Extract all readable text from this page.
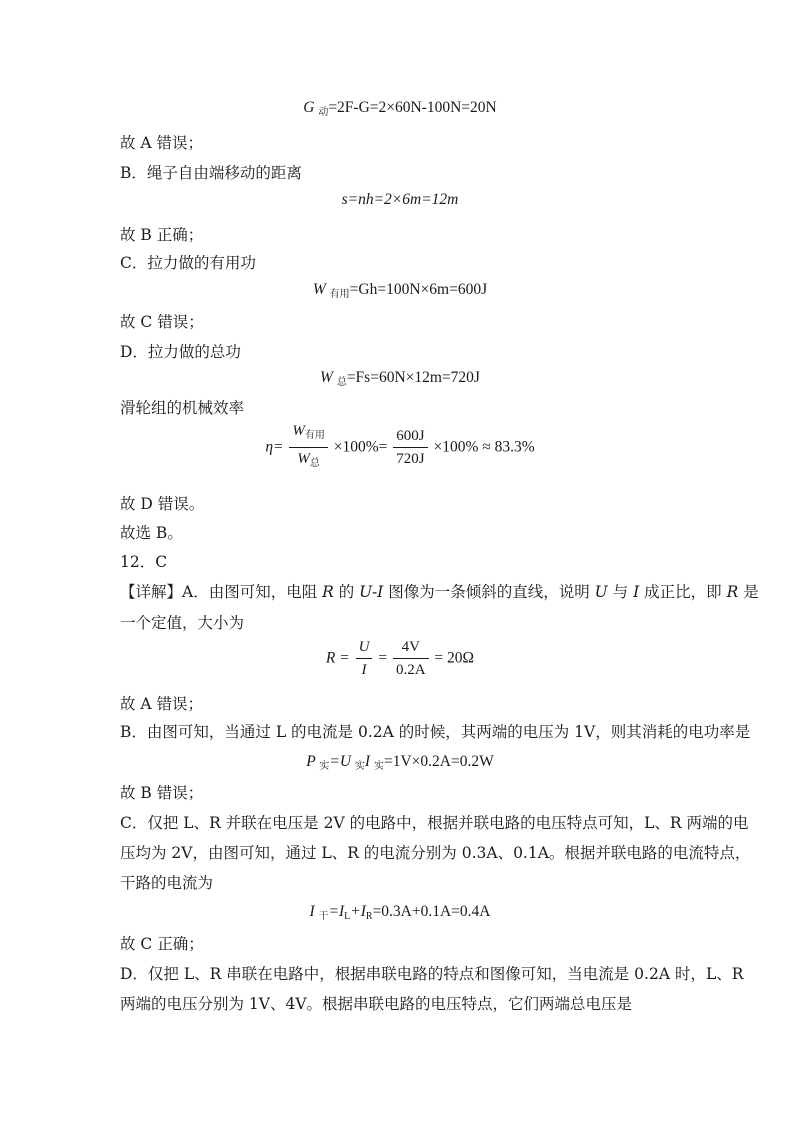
G $_动$=2F-G=2×60N-100N=20N
故 A 错误；
B．绳子自由端移动的距离
s=nh=2×6m=12m
故 B 正确；
C．拉力做的有用功
W $_{有用}$=Gh=100N×6m=600J
故 C 错误；
D．拉力做的总功
W $_总$=Fs=60N×12m=720J
滑轮组的机械效率
$\eta= \frac{W_{有用}}{W_总} \times 100\%= \frac{600J}{720J} \times 100\% \approx 83.3\%$
故 D 错误。
故选 B。
12．C
【详解】A．由图可知，电阻 R 的 U-I 图像为一条倾斜的直线，说明 U 与 I 成正比，即 R 是
一个定值，大小为
$R = \frac{U}{I} = \frac{4V}{0.2A} = 20\Omega$
故 A 错误；
B．由图可知，当通过 L 的电流是 0.2A 的时候，其两端的电压为 1V，则其消耗的电功率是
P $_实$=U $_实$I $_实$=1V×0.2A=0.2W
故 B 错误；
C．仅把 L、R 并联在电压是 2V 的电路中，根据并联电路的电压特点可知，L、R 两端的电
压均为 2V，由图可知，通过 L、R 的电流分别为 0.3A、0.1A。根据并联电路的电流特点，
干路的电流为
I $_干=I_L+I_R=0.3A+0.1A=0.4A$
故 C 正确；
D．仅把 L、R 串联在电路中，根据串联电路的特点和图像可知，当电流是 0.2A 时，L、R
两端的电压分别为 1V、4V。根据串联电路的电压特点，它们两端总电压是
